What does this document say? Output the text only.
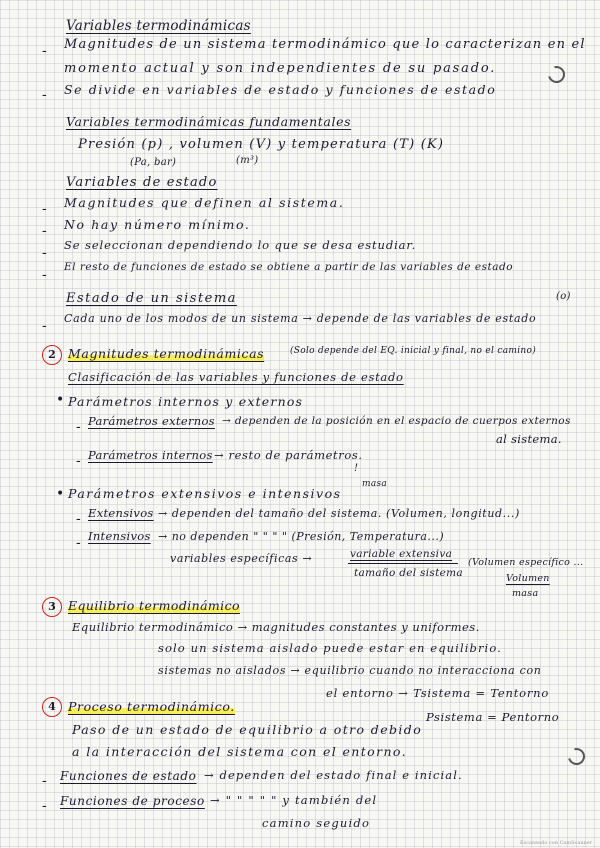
Variables termodinámicas
- Magnitudes de un sistema termodinámico que lo caracterizan en el
momento actual y son independientes de su pasado.
- Se divide en variables de estado y funciones de estado
Variables termodinámicas fundamentales
Presión (p) , volumen (V) y temperatura (T) (K)
(Pa, bar)	(m³)
Variables de estado
- Magnitudes que definen al sistema.
- No hay número mínimo.
- Se seleccionan dependiendo lo que se desa estudiar.
- El resto de funciones de estado se obtiene a partir de las variables de estado
Estado de un sistema	(o)
- Cada uno de los modos de un sistema → depende de las variables de estado
2 Magnitudes termodinámicas	(Solo depende del EQ. inicial y final, no el camino)
Clasificación de las variables y funciones de estado
• Parámetros internos y externos
- Parámetros externos → dependen de la posición en el espacio de cuerpos externos
al sistema.
- Parámetros internos → resto de parámetros.
masa
!
• Parámetros extensivos e intensivos
- Extensivos → dependen del tamaño del sistema. (Volumen, longitud...)
- Intensivos → no dependen " " " " (Presión, Temperatura...)
variables específicas →	variable extensiva
tamaño del sistema
(Volumen específico ...
Volumen
masa
3 Equilibrio termodinámico
Equilibrio termodinámico → magnitudes constantes y uniformes.
solo un sistema aislado puede estar en equilibrio.
sistemas no aislados → equilibrio cuando no interacciona con
el entorno → Tsistema = Tentorno
Psistema = Pentorno
4 Proceso termodinámico.
Paso de un estado de equilibrio a otro debido
a la interacción del sistema con el entorno.
- Funciones de estado → dependen del estado final e inicial.
- Funciones de proceso → " " " " " y también del
camino seguido
Escaneado con CamScanner
